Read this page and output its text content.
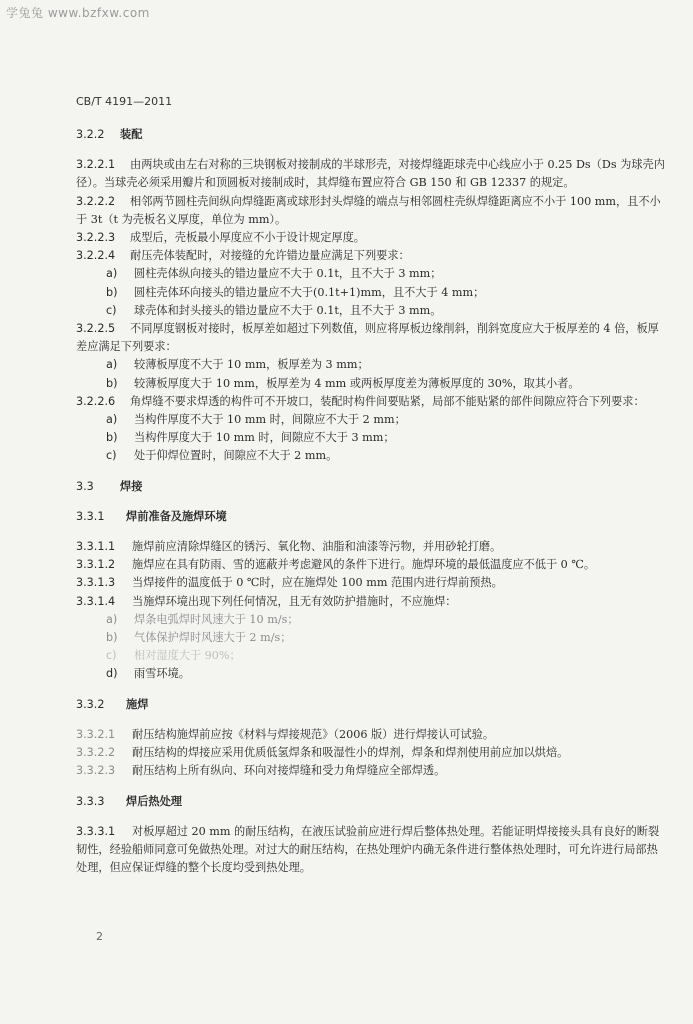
学兔兔 www.bzfxw.com
CB/T 4191—2011

3.2.2 装配

3.2.2.1 由两块或由左右对称的三块钢板对接制成的半球形壳，对接焊缝距球壳中心线应小于 0.25 Ds（Ds 为球壳内径）。当球壳必须采用瓣片和顶圆板对接制成时，其焊缝布置应符合 GB 150 和 GB 12337 的规定。

3.2.2.2 相邻两节圆柱壳间纵向焊缝距离或球形封头焊缝的端点与相邻圆柱壳纵焊缝距离应不小于 100 mm，且不小于 3t（t 为壳板名义厚度，单位为 mm）。

3.2.2.3 成型后，壳板最小厚度应不小于设计规定厚度。

3.2.2.4 耐压壳体装配时，对接缝的允许错边量应满足下列要求：

a) 圆柱壳体纵向接头的错边量应不大于 0.1t，且不大于 3 mm；

b) 圆柱壳体环向接头的错边量应不大于(0.1t+1)mm，且不大于 4 mm；

c) 球壳体和封头接头的错边量应不大于 0.1t，且不大于 3 mm。

3.2.2.5 不同厚度钢板对接时，板厚差如超过下列数值，则应将厚板边缘削斜，削斜宽度应大于板厚差的 4 倍，板厚差应满足下列要求：

a) 较薄板厚度不大于 10 mm，板厚差为 3 mm；

b) 较薄板厚度大于 10 mm，板厚差为 4 mm 或两板厚度差为薄板厚度的 30%，取其小者。

3.2.2.6 角焊缝不要求焊透的构件可不开坡口，装配时构件间要贴紧，局部不能贴紧的部件间隙应符合下列要求：

a) 当构件厚度不大于 10 mm 时，间隙应不大于 2 mm；

b) 当构件厚度大于 10 mm 时，间隙应不大于 3 mm；

c) 处于仰焊位置时，间隙应不大于 2 mm。

3.3 焊接

3.3.1 焊前准备及施焊环境

3.3.1.1 施焊前应清除焊缝区的锈污、氧化物、油脂和油漆等污物，并用砂轮打磨。

3.3.1.2 施焊应在具有防雨、雪的遮蔽并考虑避风的条件下进行。施焊环境的最低温度应不低于 0 ℃。

3.3.1.3 当焊接件的温度低于 0 ℃时，应在施焊处 100 mm 范围内进行焊前预热。

3.3.1.4 当施焊环境出现下列任何情况，且无有效防护措施时，不应施焊：

a) 焊条电弧焊时风速大于 10 m/s；

b) 气体保护焊时风速大于 2 m/s；

c) 相对湿度大于 90%；

d) 雨雪环境。

3.3.2 施焊

3.3.2.1 耐压结构施焊前应按《材料与焊接规范》（2006 版）进行焊接认可试验。

3.3.2.2 耐压结构的焊接应采用优质低氢焊条和吸湿性小的焊剂，焊条和焊剂使用前应加以烘焙。

3.3.2.3 耐压结构上所有纵向、环向对接焊缝和受力角焊缝应全部焊透。

3.3.3 焊后热处理

3.3.3.1 对板厚超过 20 mm 的耐压结构，在液压试验前应进行焊后整体热处理。若能证明焊接接头具有良好的断裂韧性，经验船师同意可免做热处理。对过大的耐压结构，在热处理炉内确无条件进行整体热处理时，可允许进行局部热处理，但应保证焊缝的整个长度均受到热处理。

2
